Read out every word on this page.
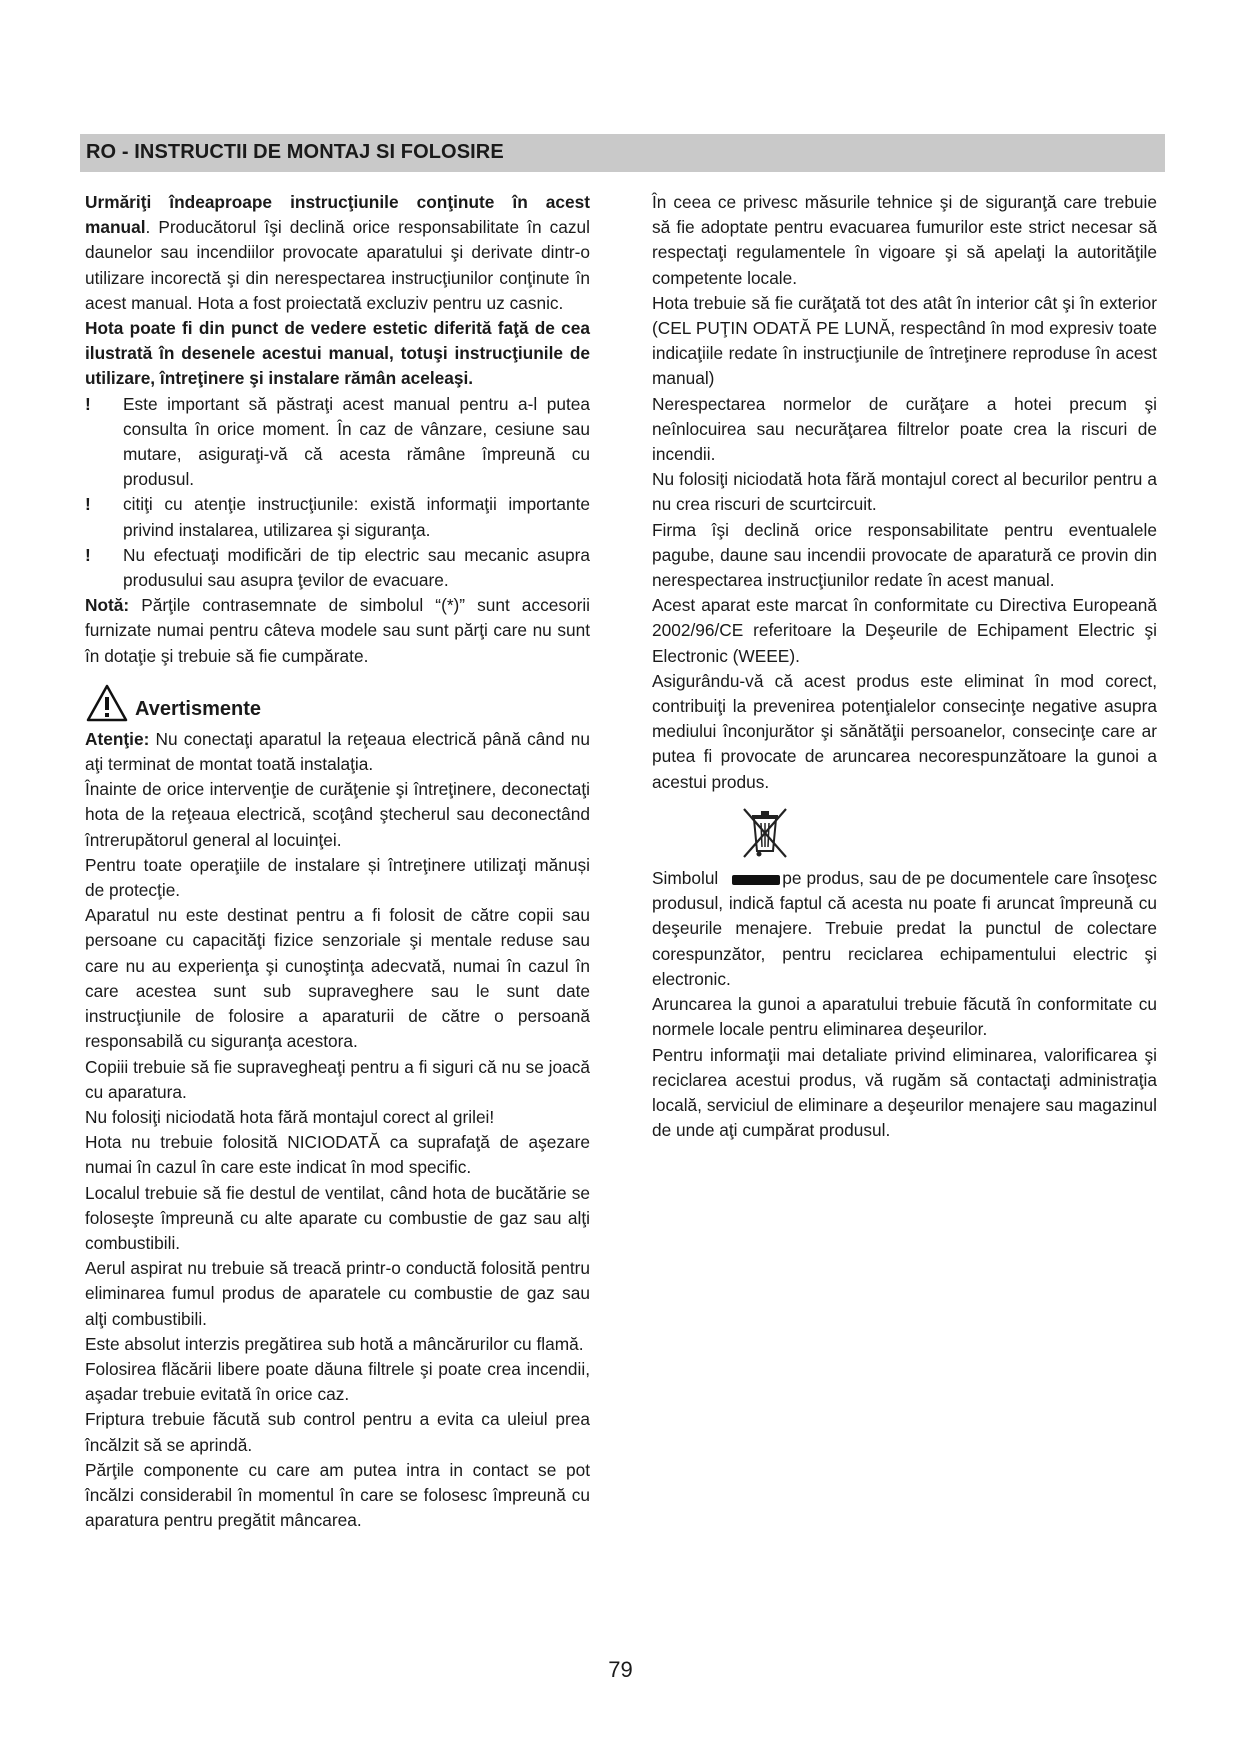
RO - INSTRUCTII DE MONTAJ SI FOLOSIRE

Urmăriţi îndeaproape instrucţiunile conţinute în acest manual. Producătorul îşi declină orice responsabilitate în cazul daunelor sau incendiilor provocate aparatului şi derivate dintr-o utilizare incorectă şi din nerespectarea instrucţiunilor conţinute în acest manual. Hota a fost proiectată excluziv pentru uz casnic.

Hota poate fi din punct de vedere estetic diferită faţă de cea ilustrată în desenele acestui manual, totuşi instrucţiunile de utilizare, întreţinere şi instalare rămân aceleaşi.

! Este important să păstraţi acest manual pentru a-l putea consulta în orice moment. În caz de vânzare, cesiune sau mutare, asiguraţi-vă că acesta rămâne împreună cu produsul.

! citiţi cu atenţie instrucţiunile: există informaţii importante privind instalarea, utilizarea şi siguranţa.

! Nu efectuaţi modificări de tip electric sau mecanic asupra produsului sau asupra ţevilor de evacuare.

Notă: Părţile contrasemnate de simbolul “(*)” sunt accesorii furnizate numai pentru câteva modele sau sunt părţi care nu sunt în dotaţie şi trebuie să fie cumpărate.

Avertismente

Atenţie: Nu conectaţi aparatul la reţeaua electrică până când nu aţi terminat de montat toată instalaţia.

Înainte de orice intervenţie de curăţenie şi întreţinere, deconectaţi hota de la reţeaua electrică, scoţând ştecherul sau deconectând întrerupătorul general al locuinţei.

Pentru toate operaţiile de instalare și întreţinere utilizaţi mănuși de protecţie.

Aparatul nu este destinat pentru a fi folosit de către copii sau persoane cu capacităţi fizice senzoriale şi mentale reduse sau care nu au experienţa şi cunoştinţa adecvată, numai în cazul în care acestea sunt sub supraveghere sau le sunt date instrucţiunile de folosire a aparaturii de către o persoană responsabilă cu siguranţa acestora.

Copiii trebuie să fie supravegheaţi pentru a fi siguri că nu se joacă cu aparatura.

Nu folosiţi niciodată hota fără montajul corect al grilei!

Hota nu trebuie folosită NICIODATĂ ca suprafaţă de aşezare numai în cazul în care este indicat în mod specific.

Localul trebuie să fie destul de ventilat, când hota de bucătărie se foloseşte împreună cu alte aparate cu combustie de gaz sau alţi combustibili.

Aerul aspirat nu trebuie să treacă printr-o conductă folosită pentru eliminarea fumul produs de aparatele cu combustie de gaz sau alţi combustibili.

Este absolut interzis pregătirea sub hotă a mâncărurilor cu flamă.

Folosirea flăcării libere poate dăuna filtrele şi poate crea incendii, aşadar trebuie evitată în orice caz.

Friptura trebuie făcută sub control pentru a evita ca uleiul prea încălzit să se aprindă.

Părţile componente cu care am putea intra in contact se pot încălzi considerabil în momentul în care se folosesc împreună cu aparatura pentru pregătit mâncarea.

În ceea ce privesc măsurile tehnice şi de siguranţă care trebuie să fie adoptate pentru evacuarea fumurilor este strict necesar să respectaţi regulamentele în vigoare şi să apelaţi la autorităţile competente locale.

Hota trebuie să fie curăţată tot des atât în interior cât şi în exterior (CEL PUŢIN ODATĂ PE LUNĂ, respectând în mod expresiv toate indicaţiile redate în instrucţiunile de întreţinere reproduse în acest manual)

Nerespectarea normelor de curăţare a hotei precum şi neînlocuirea sau necurăţarea filtrelor poate crea la riscuri de incendii.

Nu folosiţi niciodată hota fără montajul corect al becurilor pentru a nu crea riscuri de scurtcircuit.

Firma îşi declină orice responsabilitate pentru eventualele pagube, daune sau incendii provocate de aparatură ce provin din nerespectarea instrucţiunilor redate în acest manual.

Acest aparat este marcat în conformitate cu Directiva Europeană 2002/96/CE referitoare la Deşeurile de Echipament Electric şi Electronic (WEEE).

Asigurându-vă că acest produs este eliminat în mod corect, contribuiţi la prevenirea potenţialelor consecinţe negative asupra mediului înconjurător şi sănătăţii persoanelor, consecinţe care ar putea fi provocate de aruncarea necorespunzătoare la gunoi a acestui produs.

Simbolul	pe produs, sau de pe documentele care însoţesc produsul, indică faptul că acesta nu poate fi aruncat împreună cu deşeurile menajere. Trebuie predat la punctul de colectare corespunzător, pentru reciclarea echipamentului electric şi electronic.

Aruncarea la gunoi a aparatului trebuie făcută în conformitate cu normele locale pentru eliminarea deşeurilor.

Pentru informaţii mai detaliate privind eliminarea, valorificarea şi reciclarea acestui produs, vă rugăm să contactaţi administraţia locală, serviciul de eliminare a deşeurilor menajere sau magazinul de unde aţi cumpărat produsul.

79
